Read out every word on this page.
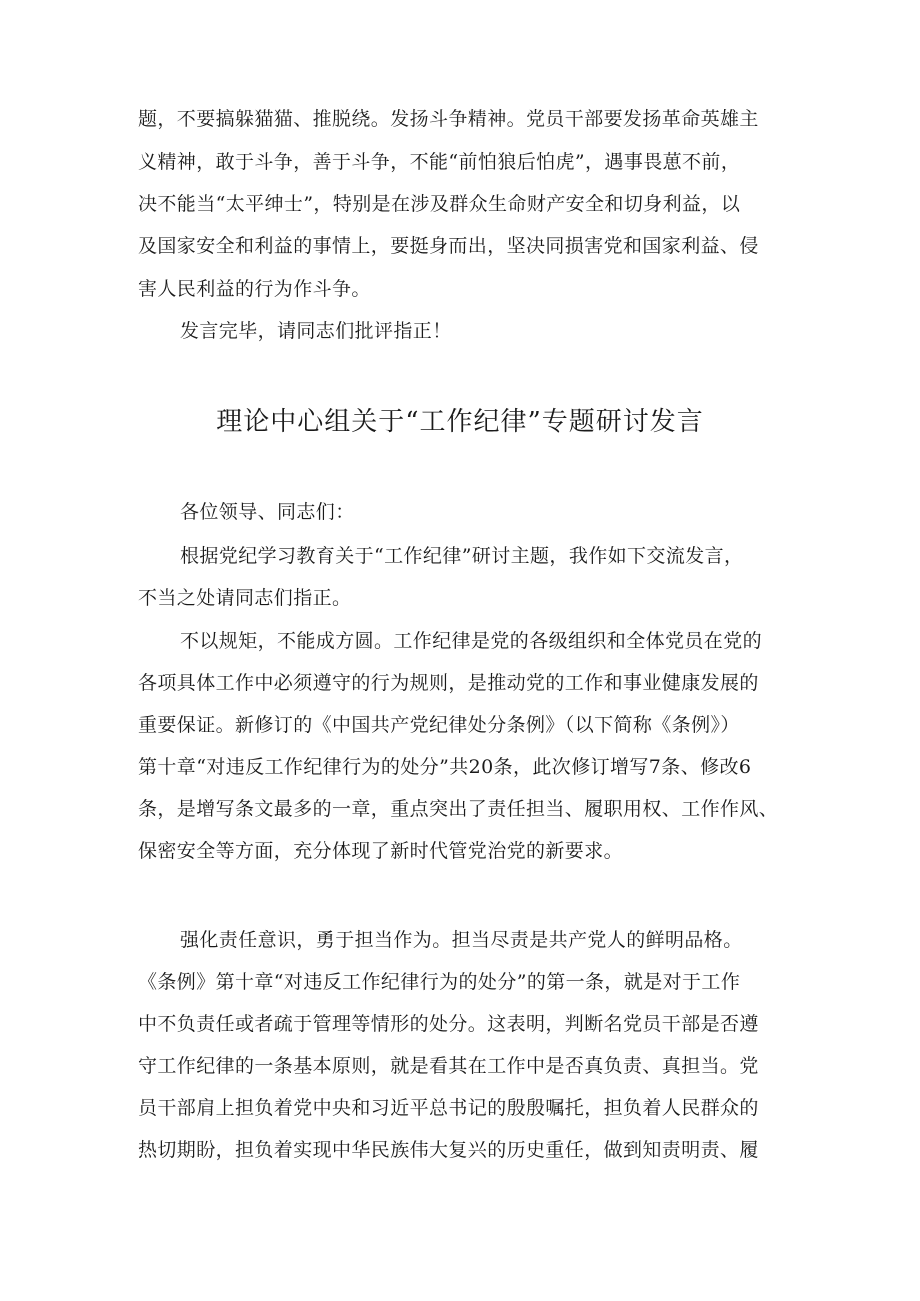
题，不要搞躲猫猫、推脱绕。发扬斗争精神。党员干部要发扬革命英雄主
义精神，敢于斗争，善于斗争，不能“前怕狼后怕虎”，遇事畏葸不前，
决不能当“太平绅士”，特别是在涉及群众生命财产安全和切身利益，以
及国家安全和利益的事情上，要挺身而出，坚决同损害党和国家利益、侵
害人民利益的行为作斗争。
发言完毕，请同志们批评指正！
理论中心组关于“工作纪律”专题研讨发言
各位领导、同志们：
根据党纪学习教育关于“工作纪律”研讨主题，我作如下交流发言，
不当之处请同志们指正。
不以规矩，不能成方圆。工作纪律是党的各级组织和全体党员在党的
各项具体工作中必须遵守的行为规则，是推动党的工作和事业健康发展的
重要保证。新修订的《中国共产党纪律处分条例》（以下简称《条例》）
第十章“对违反工作纪律行为的处分”共20条，此次修订增写7条、修改6
条，是增写条文最多的一章，重点突出了责任担当、履职用权、工作作风、
保密安全等方面，充分体现了新时代管党治党的新要求。
强化责任意识，勇于担当作为。担当尽责是共产党人的鲜明品格。
《条例》第十章“对违反工作纪律行为的处分”的第一条，就是对于工作
中不负责任或者疏于管理等情形的处分。这表明，判断名党员干部是否遵
守工作纪律的一条基本原则，就是看其在工作中是否真负责、真担当。党
员干部肩上担负着党中央和习近平总书记的殷殷嘱托，担负着人民群众的
热切期盼，担负着实现中华民族伟大复兴的历史重任，做到知责明责、履
